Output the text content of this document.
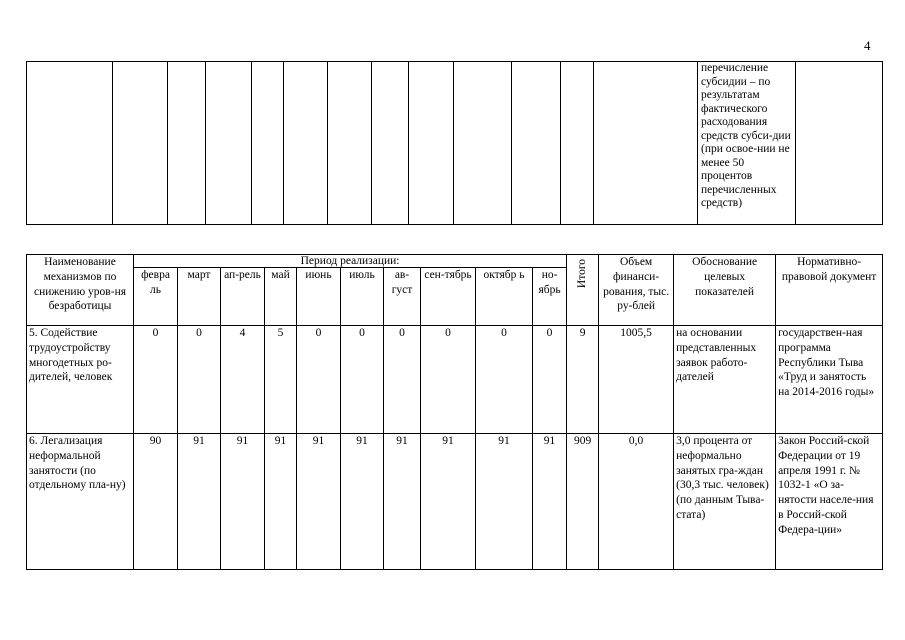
4
													перечисление субсидии – по результатам фактического расходования средств субси-дии (при освое-нии не менее 50 процентов перечисленных средств)	
Наименование механизмов по снижению уров-ня безработицы	Период реализации:										Итого	Объем финанси-рования, тыс. ру-блей	Обоснование целевых показателей	Нормативно-правовой документ
	февра ль	март	ап-рель	май	июнь	июль	ав-густ	сен-тябрь	октябр ь	но-ябрь				
5. Содействие трудоустройству многодетных ро-дителей, человек	0	0	4	5	0	0	0	0	0	0	9	1005,5	на основании представленных заявок работо-дателей	государствен-ная программа Республики Тыва «Труд и занятость на 2014-2016 годы»
6. Легализация неформальной занятости (по отдельному пла-ну)	90	91	91	91	91	91	91	91	91	91	909	0,0	3,0 процента от неформально занятых гра-ждан (30,3 тыс. человек) (по данным Тыва-стата)	Закон Россий-ской Федерации от 19 апреля 1991 г. № 1032-1 «О за-нятости населе-ния в Россий-ской Федера-ции»
